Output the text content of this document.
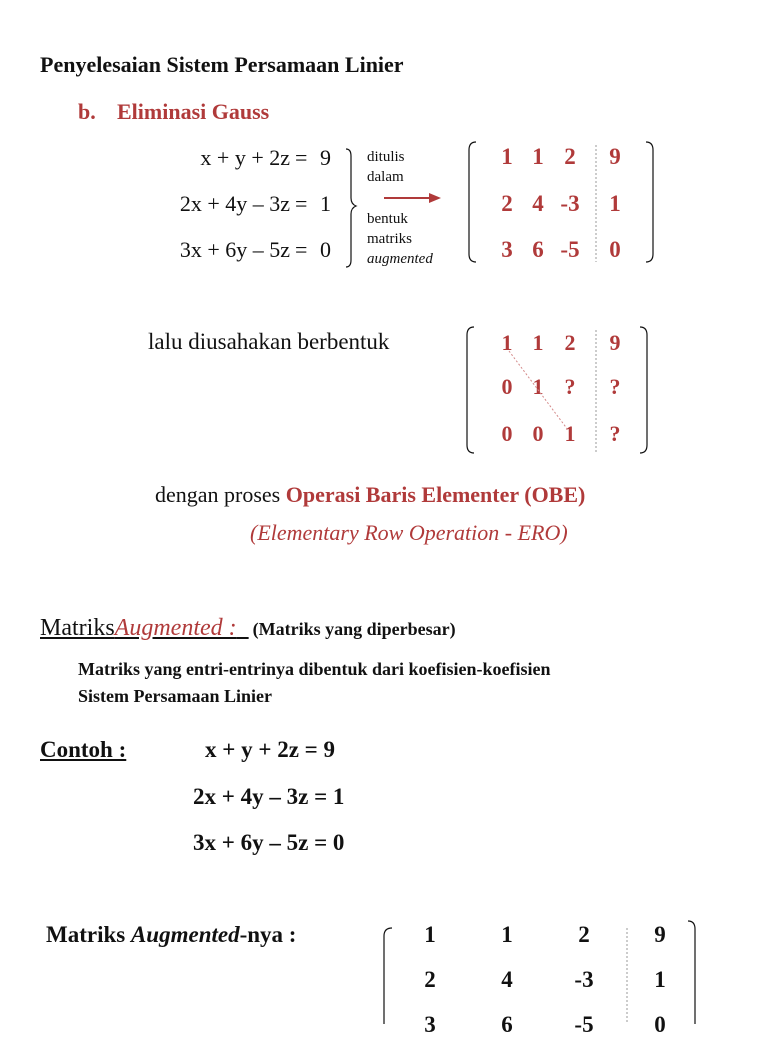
Penyelesaian Sistem Persamaan Linier
b. Eliminasi Gauss
x + y + 2z = 9
2x + 4y – 3z = 1
3x + 6y – 5z = 0
ditulis
dalam
bentuk
matriks
augmented
1 1 2	9
2 4 -3	1
3 6 -5	0
lalu diusahakan berbentuk	1 1 2	9
0 1 ?	?
0 0 1	?
dengan proses Operasi Baris Elementer (OBE)
(Elementary Row Operation - ERO)
MatriksAugmented : (Matriks yang diperbesar)
Matriks yang entri-entrinya dibentuk dari koefisien-koefisien
Sistem Persamaan Linier
Contoh :	x + y + 2z = 9
2x + 4y – 3z = 1
3x + 6y – 5z = 0
Matriks Augmented-nya :	1	1	2	9
2	4	-3	1
3	6	-5	0
